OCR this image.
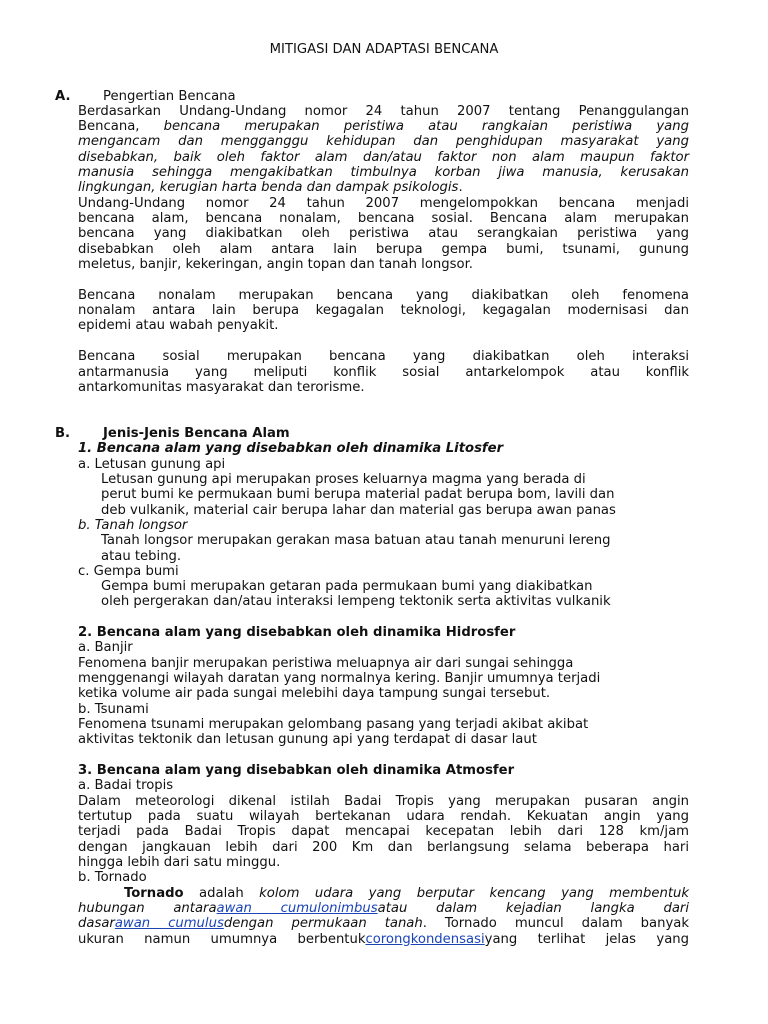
MITIGASI DAN ADAPTASI BENCANA
A. Pengertian Bencana
Berdasarkan Undang-Undang nomor 24 tahun 2007 tentang Penanggulangan
Bencana, bencana merupakan peristiwa atau rangkaian peristiwa yang
mengancam dan mengganggu kehidupan dan penghidupan masyarakat yang
disebabkan, baik oleh faktor alam dan/atau faktor non alam maupun faktor
manusia sehingga mengakibatkan timbulnya korban jiwa manusia, kerusakan
lingkungan, kerugian harta benda dan dampak psikologis.
Undang-Undang nomor 24 tahun 2007 mengelompokkan bencana menjadi
bencana alam, bencana nonalam, bencana sosial. Bencana alam merupakan
bencana yang diakibatkan oleh peristiwa atau serangkaian peristiwa yang
disebabkan oleh alam antara lain berupa gempa bumi, tsunami, gunung
meletus, banjir, kekeringan, angin topan dan tanah longsor.
Bencana nonalam merupakan bencana yang diakibatkan oleh fenomena
nonalam antara lain berupa kegagalan teknologi, kegagalan modernisasi dan
epidemi atau wabah penyakit.
Bencana sosial merupakan bencana yang diakibatkan oleh interaksi
antarmanusia yang meliputi konflik sosial antarkelompok atau konflik
antarkomunitas masyarakat dan terorisme.
B. Jenis-Jenis Bencana Alam
1. Bencana alam yang disebabkan oleh dinamika Litosfer
a. Letusan gunung api
Letusan gunung api merupakan proses keluarnya magma yang berada di
perut bumi ke permukaan bumi berupa material padat berupa bom, lavili dan
deb vulkanik, material cair berupa lahar dan material gas berupa awan panas
b. Tanah longsor
Tanah longsor merupakan gerakan masa batuan atau tanah menuruni lereng
atau tebing.
c. Gempa bumi
Gempa bumi merupakan getaran pada permukaan bumi yang diakibatkan
oleh pergerakan dan/atau interaksi lempeng tektonik serta aktivitas vulkanik
2. Bencana alam yang disebabkan oleh dinamika Hidrosfer
a. Banjir
Fenomena banjir merupakan peristiwa meluapnya air dari sungai sehingga
menggenangi wilayah daratan yang normalnya kering. Banjir umumnya terjadi
ketika volume air pada sungai melebihi daya tampung sungai tersebut.
b. Tsunami
Fenomena tsunami merupakan gelombang pasang yang terjadi akibat akibat
aktivitas tektonik dan letusan gunung api yang terdapat di dasar laut
3. Bencana alam yang disebabkan oleh dinamika Atmosfer
a. Badai tropis
Dalam meteorologi dikenal istilah Badai Tropis yang merupakan pusaran angin
tertutup pada suatu wilayah bertekanan udara rendah. Kekuatan angin yang
terjadi pada Badai Tropis dapat mencapai kecepatan lebih dari 128 km/jam
dengan jangkauan lebih dari 200 Km dan berlangsung selama beberapa hari
hingga lebih dari satu minggu.
b. Tornado
Tornado adalah kolom udara yang berputar kencang yang membentuk
hubungan antaraawan cumulonimbusatau dalam kejadian langka dari
dasarawan cumulusdengan permukaan tanah. Tornado muncul dalam banyak
ukuran namun umumnya berbentukcorongkondensasiyang terlihat jelas yang
